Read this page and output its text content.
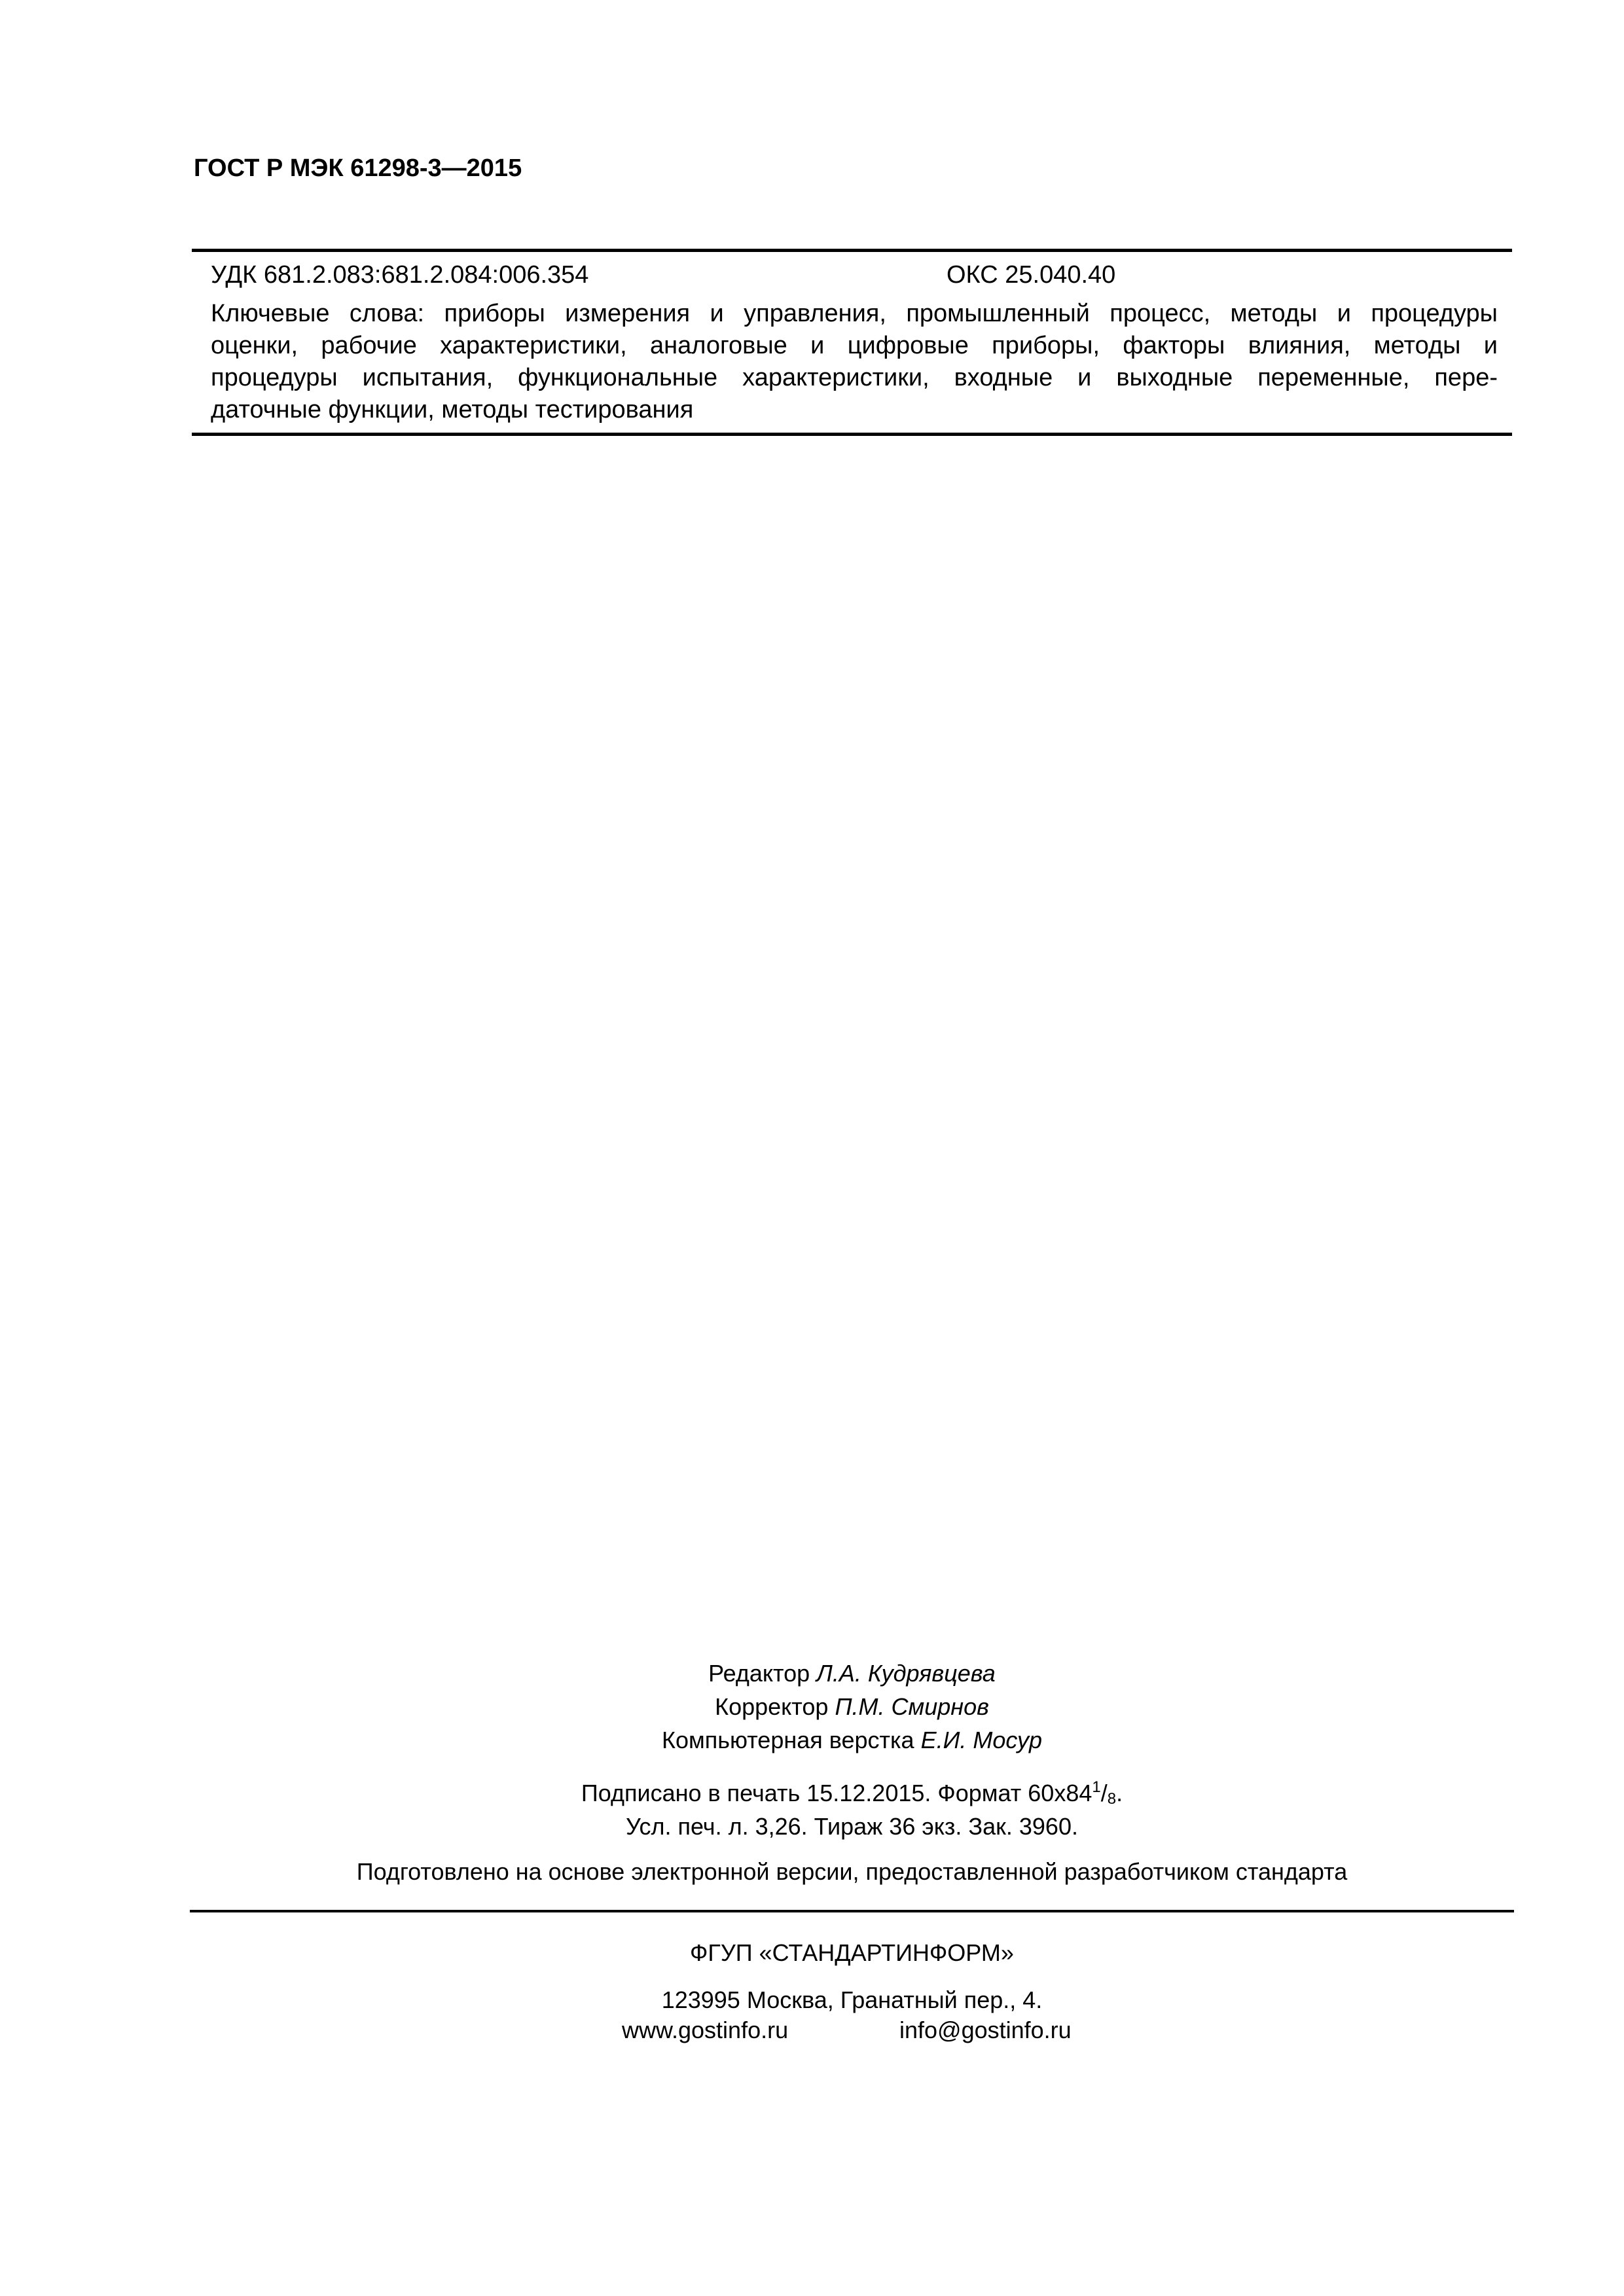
ГОСТ Р МЭК 61298-3—2015
УДК 681.2.083:681.2.084:006.354	ОКС 25.040.40

Ключевые слова: приборы измерения и управления, промышленный процесс, методы и процедуры
оценки, рабочие характеристики, аналоговые и цифровые приборы, факторы влияния, методы и
процедуры испытания, функциональные характеристики, входные и выходные переменные, пере-
даточные функции, методы тестирования

Редактор Л.А. Кудрявцева
Корректор П.М. Смирнов
Компьютерная верстка Е.И. Мосур
Подписано в печать 15.12.2015. Формат $60х84^1/8$.
Усл. печ. л. 3,26. Тираж 36 экз. Зак. 3960.
Подготовлено на основе электронной версии, предоставленной разработчиком стандарта
ФГУП «СТАНДАРТИНФОРМ»
123995 Москва, Гранатный пер., 4.
www.gostinfo.ru	info@gostinfo.ru
